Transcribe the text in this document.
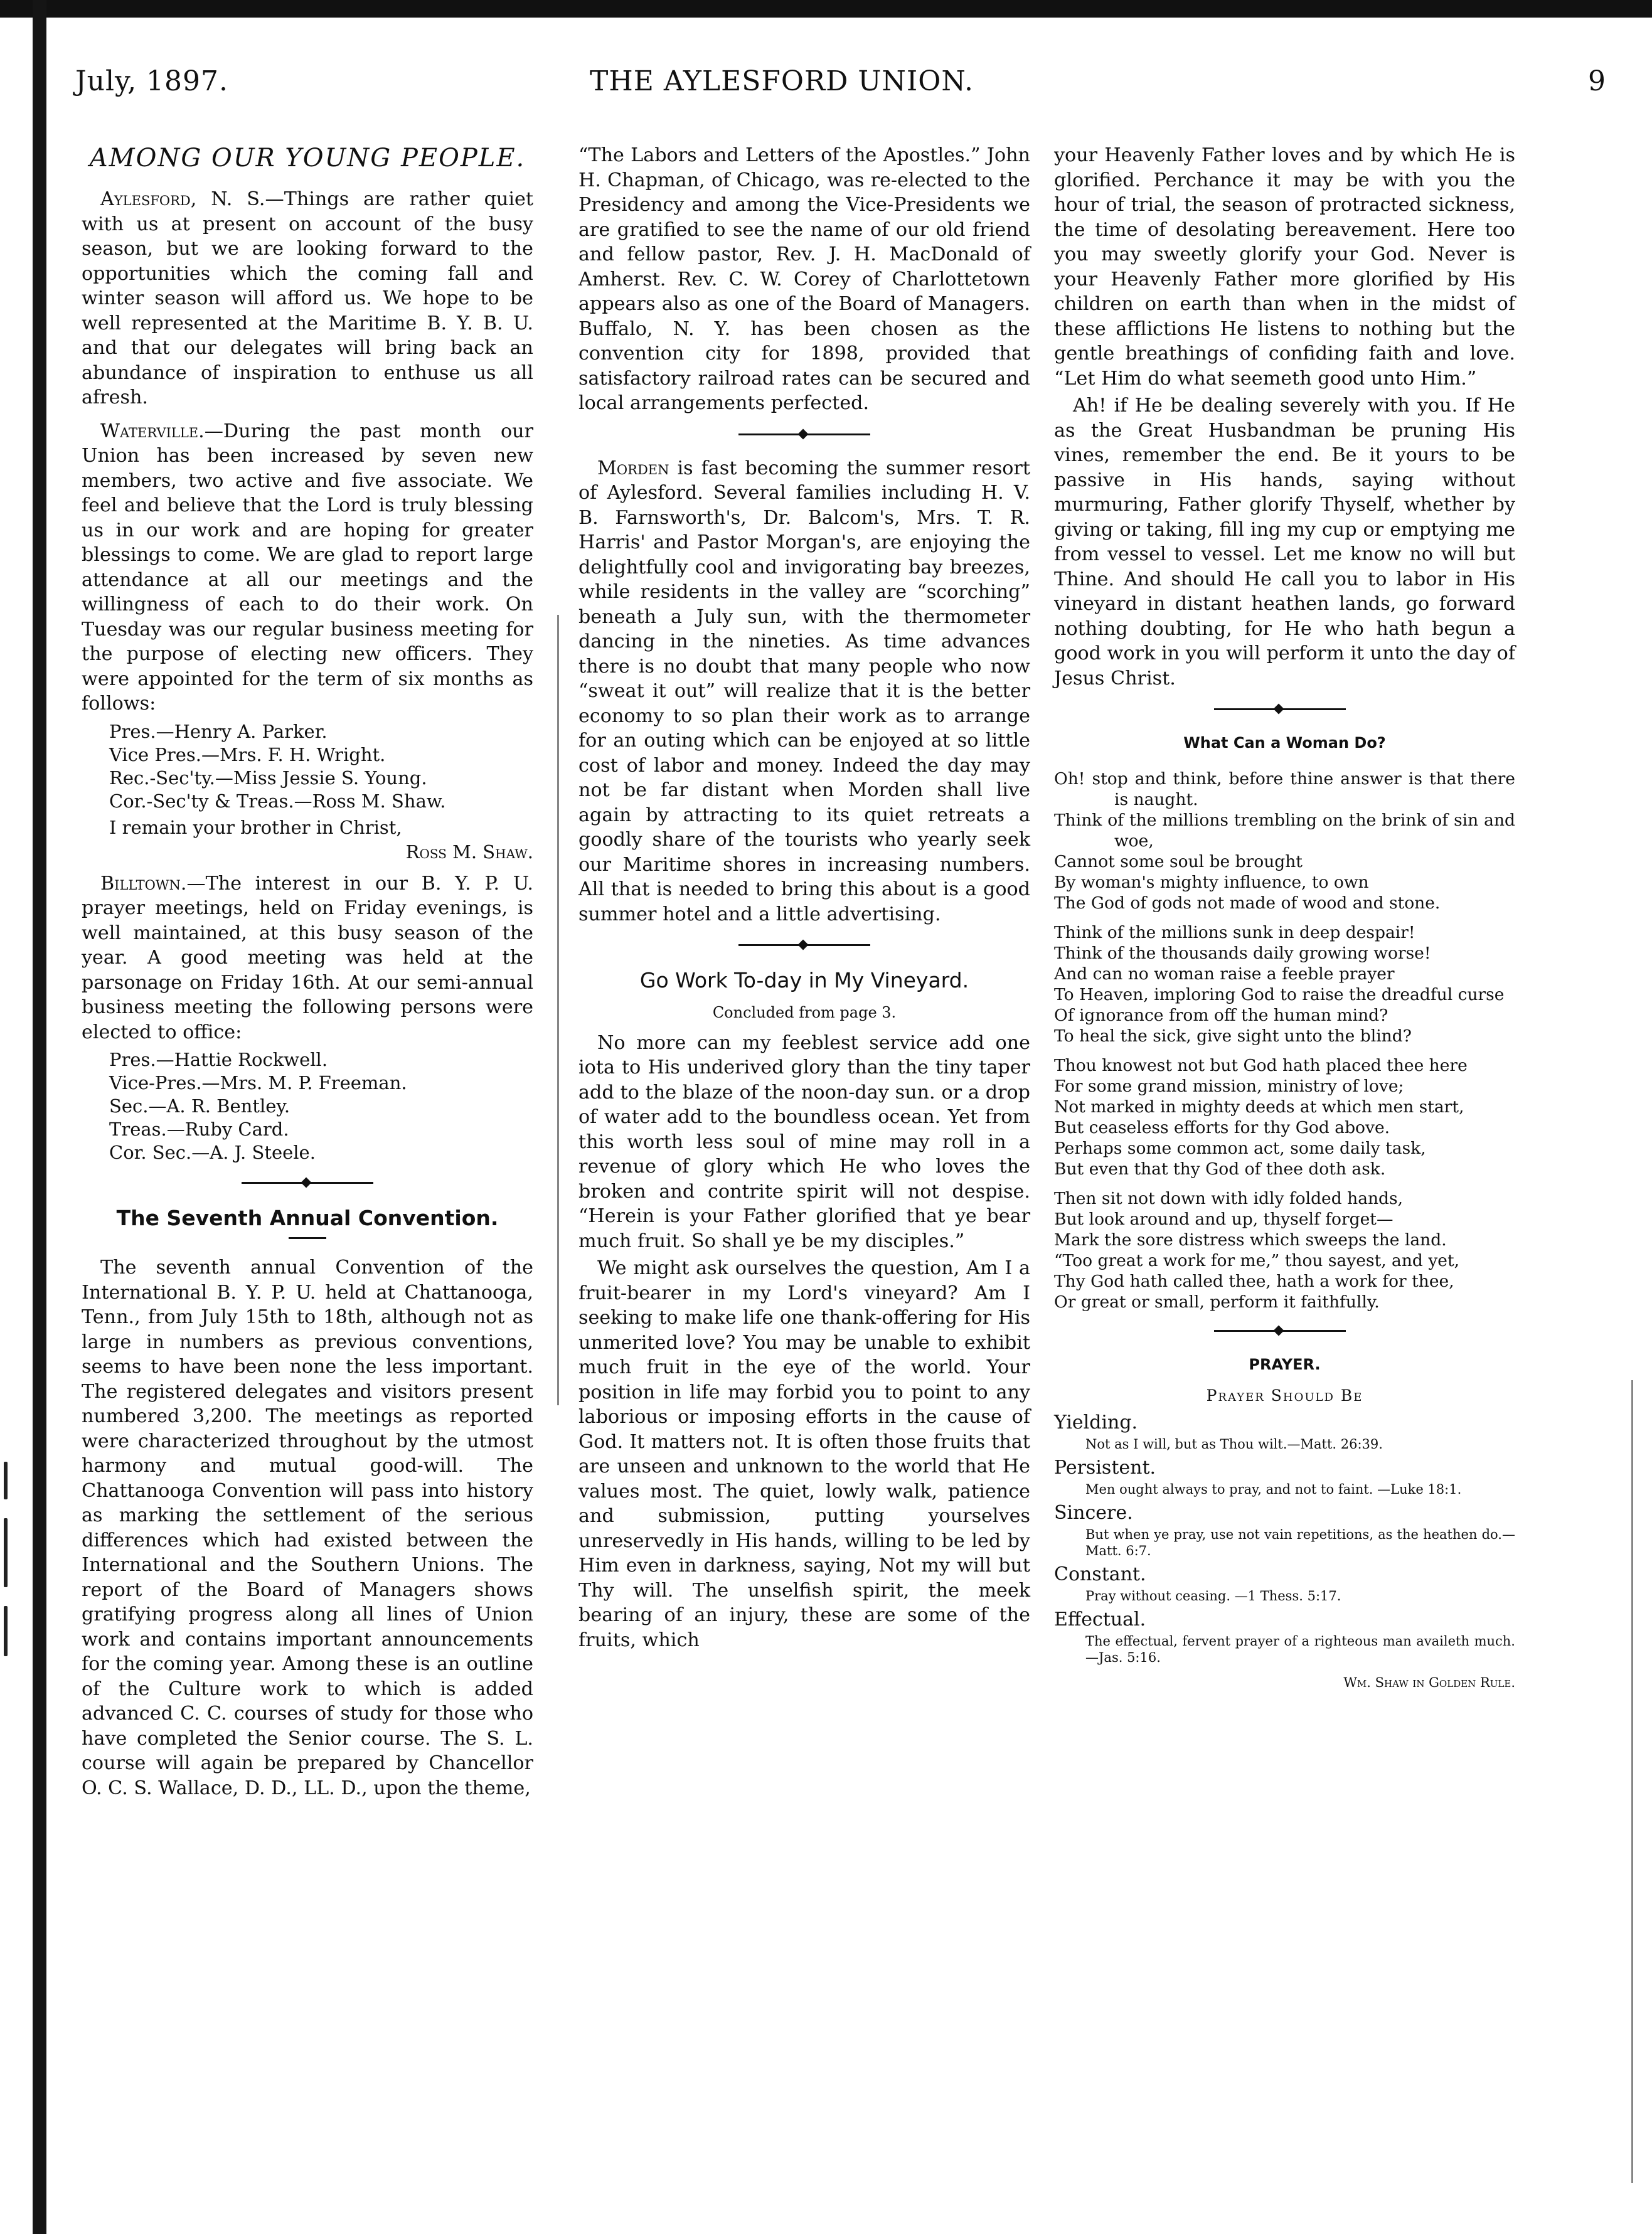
July, 1897.	THE AYLESFORD UNION.	9
AMONG OUR YOUNG PEOPLE.

Aylesford, N. S.—Things are rather quiet with us at present on account of the busy season, but we are looking forward to the opportunities which the coming fall and winter season will afford us. We hope to be well represented at the Maritime B. Y. B. U. and that our delegates will bring back an abundance of inspiration to enthuse us all afresh.

Waterville.—During the past month our Union has been increased by seven new members, two active and five associate. We feel and believe that the Lord is truly blessing us in our work and are hoping for greater blessings to come. We are glad to report large attendance at all our meetings and the willingness of each to do their work. On Tuesday was our regular business meeting for the purpose of electing new officers. They were appointed for the term of six months as follows:

Pres.—Henry A. Parker.
Vice Pres.—Mrs. F. H. Wright.
Rec.-Sec'ty.—Miss Jessie S. Young.
Cor.-Sec'ty & Treas.—Ross M. Shaw.
I remain your brother in Christ,
Ross M. Shaw.

Billtown.—The interest in our B. Y. P. U. prayer meetings, held on Friday evenings, is well maintained, at this busy season of the year. A good meeting was held at the parsonage on Friday 16th. At our semi-annual business meeting the following persons were elected to office:

Pres.—Hattie Rockwell.
Vice-Pres.—Mrs. M. P. Freeman.
Sec.—A. R. Bentley.
Treas.—Ruby Card.
Cor. Sec.—A. J. Steele.
The Seventh Annual Convention.

The seventh annual Convention of the International B. Y. P. U. held at Chattanooga, Tenn., from July 15th to 18th, although not as large in numbers as previous conventions, seems to have been none the less important. The registered delegates and visitors present numbered 3,200. The meetings as reported were characterized throughout by the utmost harmony and mutual good-will. The Chattanooga Convention will pass into history as marking the settlement of the serious differences which had existed between the International and the Southern Unions. The report of the Board of Managers shows gratifying progress along all lines of Union work and contains important announcements for the coming year. Among these is an outline of the Culture work to which is added advanced C. C. courses of study for those who have completed the Senior course. The S. L. course will again be prepared by Chancellor O. C. S. Wallace, D. D., LL. D., upon the theme,

“The Labors and Letters of the Apostles.” John H. Chapman, of Chicago, was re-elected to the Presidency and among the Vice-Presidents we are gratified to see the name of our old friend and fellow pastor, Rev. J. H. MacDonald of Amherst. Rev. C. W. Corey of Charlottetown appears also as one of the Board of Managers. Buffalo, N. Y. has been chosen as the convention city for 1898, provided that satisfactory railroad rates can be secured and local arrangements perfected.

Morden is fast becoming the summer resort of Aylesford. Several families including H. V. B. Farnsworth's, Dr. Balcom's, Mrs. T. R. Harris' and Pastor Morgan's, are enjoying the delightfully cool and invigorating bay breezes, while residents in the valley are “scorching” beneath a July sun, with the thermometer dancing in the nineties. As time advances there is no doubt that many people who now “sweat it out” will realize that it is the better economy to so plan their work as to arrange for an outing which can be enjoyed at so little cost of labor and money. Indeed the day may not be far distant when Morden shall live again by attracting to its quiet retreats a goodly share of the tourists who yearly seek our Maritime shores in increasing numbers. All that is needed to bring this about is a good summer hotel and a little advertising.

Go Work To-day in My Vineyard.
Concluded from page 3.

No more can my feeblest service add one iota to His underived glory than the tiny taper add to the blaze of the noon-day sun. or a drop of water add to the boundless ocean. Yet from this worth less soul of mine may roll in a revenue of glory which He who loves the broken and contrite spirit will not despise. “Herein is your Father glorified that ye bear much fruit. So shall ye be my disciples.”

We might ask ourselves the question, Am I a fruit-bearer in my Lord's vineyard? Am I seeking to make life one thank-offering for His unmerited love? You may be unable to exhibit much fruit in the eye of the world. Your position in life may forbid you to point to any laborious or imposing efforts in the cause of God. It matters not. It is often those fruits that are unseen and unknown to the world that He values most. The quiet, lowly walk, patience and submission, putting yourselves unreservedly in His hands, willing to be led by Him even in darkness, saying, Not my will but Thy will. The unselfish spirit, the meek bearing of an injury, these are some of the fruits, which

your Heavenly Father loves and by which He is glorified. Perchance it may be with you the hour of trial, the season of protracted sickness, the time of desolating bereavement. Here too you may sweetly glorify your God. Never is your Heavenly Father more glorified by His children on earth than when in the midst of these afflictions He listens to nothing but the gentle breathings of confiding faith and love. “Let Him do what seemeth good unto Him.”

Ah! if He be dealing severely with you. If He as the Great Husbandman be pruning His vines, remember the end. Be it yours to be passive in His hands, saying without murmuring, Father glorify Thyself, whether by giving or taking, fill ing my cup or emptying me from vessel to vessel. Let me know no will but Thine. And should He call you to labor in His vineyard in distant heathen lands, go forward nothing doubting, for He who hath begun a good work in you will perform it unto the day of Jesus Christ.

What Can a Woman Do?
Oh! stop and think, before thine answer is that there is naught.
Think of the millions trembling on the brink of sin and woe,
Cannot some soul be brought
By woman's mighty influence, to own
The God of gods not made of wood and stone.
Think of the millions sunk in deep despair!
Think of the thousands daily growing worse!
And can no woman raise a feeble prayer
To Heaven, imploring God to raise the dreadful curse
Of ignorance from off the human mind?
To heal the sick, give sight unto the blind?
Thou knowest not but God hath placed thee here
For some grand mission, ministry of love;
Not marked in mighty deeds at which men start,
But ceaseless efforts for thy God above.
Perhaps some common act, some daily task,
But even that thy God of thee doth ask.
Then sit not down with idly folded hands,
But look around and up, thyself forget—
Mark the sore distress which sweeps the land.
“Too great a work for me,” thou sayest, and yet,
Thy God hath called thee, hath a work for thee,
Or great or small, perform it faithfully.
PRAYER.
Prayer Should Be
Yielding.
Not as I will, but as Thou wilt.—Matt. 26:39.
Persistent.
Men ought always to pray, and not to faint. —Luke 18:1.
Sincere.
But when ye pray, use not vain repetitions, as the heathen do.—Matt. 6:7.
Constant.
Pray without ceasing. —1 Thess. 5:17.
Effectual.
The effectual, fervent prayer of a righteous man availeth much. —Jas. 5:16.
Wm. Shaw in Golden Rule.
